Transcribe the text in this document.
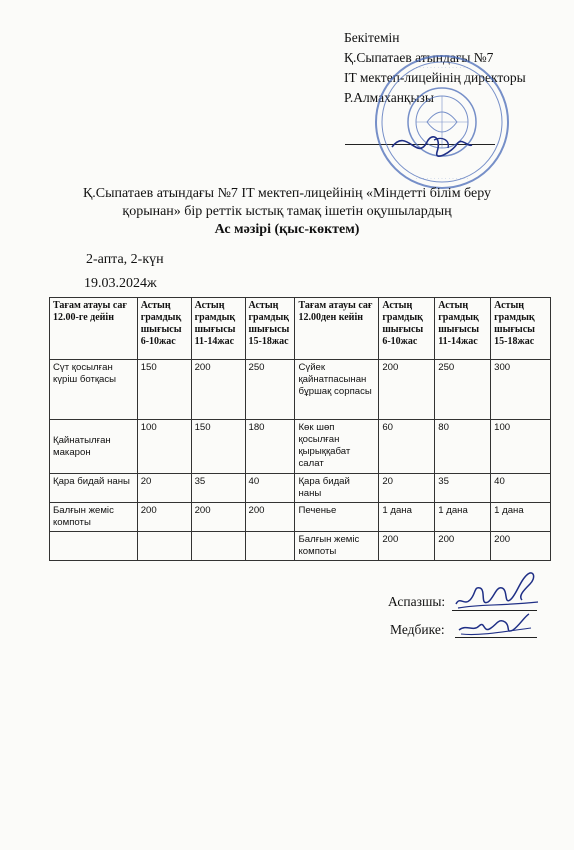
Бекітемін
Қ.Сыпатаев атындағы №7
IT мектеп-лицейінің директоры
Р.Алмаханқызы
· · · · · · · · · · · · · · ·
· · · · · · · · · · · · · · ·
Қ.Сыпатаев атындағы №7 IT мектеп-лицейінің «Міндетті білім беру
қорынан» бір реттік ыстық тамақ ішетін оқушылардың
Ас мәзірі (қыс-көктем)
2-апта, 2-күн
19.03.2024ж
Тағам атауы сағ 12.00-ге дейін	Астың грамдық шығысы 6-10жас	Астың грамдық шығысы 11-14жас	Астың грамдық шығысы 15-18жас	Тағам атауы сағ 12.00ден кейін	Астың грамдық шығысы 6-10жас	Астың грамдық шығысы 11-14жас	Астың грамдық шығысы 15-18жас
Сүт қосылған күріш ботқасы	150	200	250	Сүйек қайнатпасынан бұршақ сорпасы	200	250	300
Қайнатылған макарон	100	150	180	Көк шөп қосылған қырыққабат салат	60	80	100
Қара бидай наны	20	35	40	Қара бидай наны	20	35	40
Балғын жеміс компоты	200	200	200	Печенье	1 дана	1 дана	1 дана
				Балғын жеміс компоты	200	200	200
Аспазшы:
Медбике:
